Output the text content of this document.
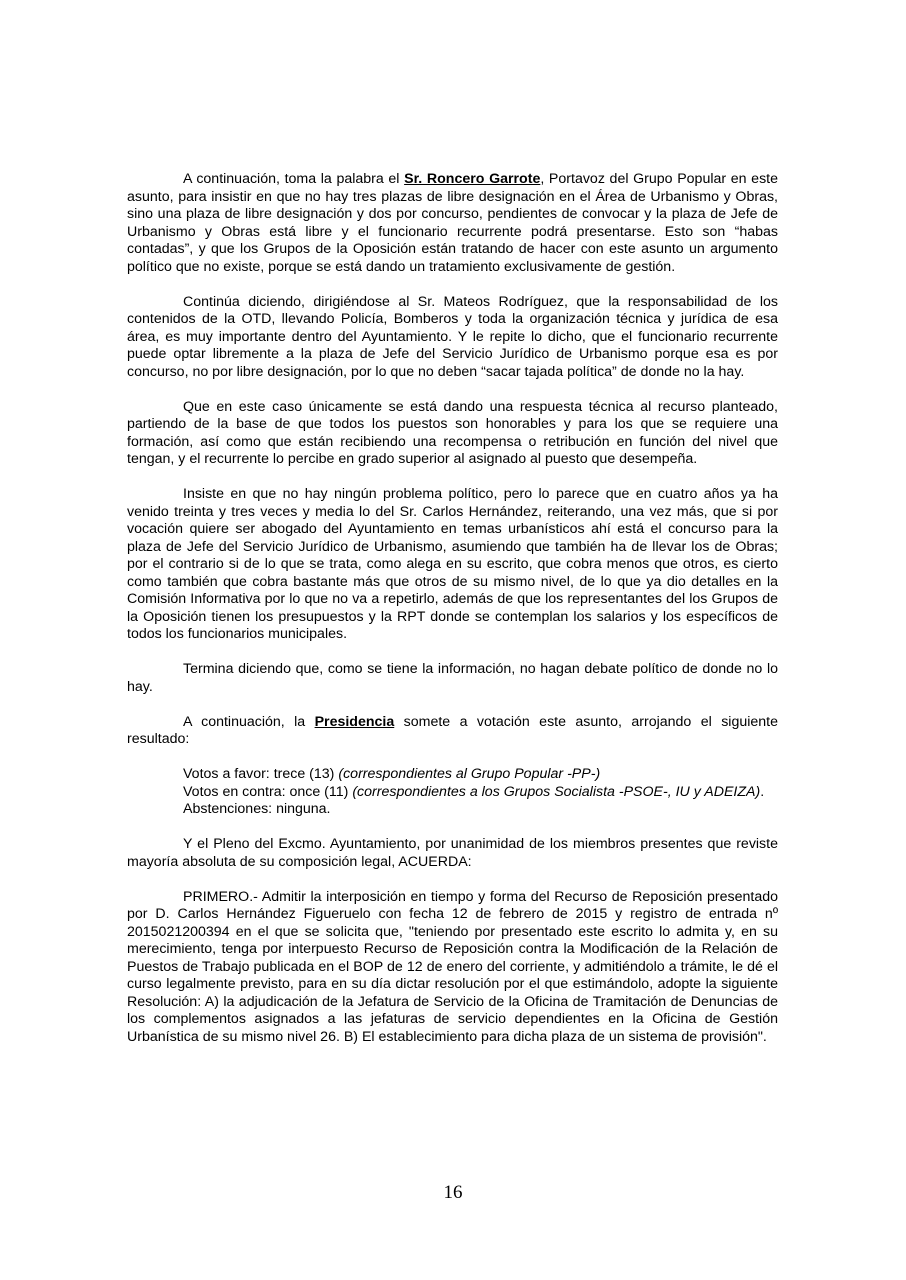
A continuación, toma la palabra el Sr. Roncero Garrote, Portavoz del Grupo Popular en este asunto, para insistir en que no hay tres plazas de libre designación en el Área de Urbanismo y Obras, sino una plaza de libre designación y dos por concurso, pendientes de convocar y la plaza de Jefe de Urbanismo y Obras está libre y el funcionario recurrente podrá presentarse. Esto son “habas contadas”, y que los Grupos de la Oposición están tratando de hacer con este asunto un argumento político que no existe, porque se está dando un tratamiento exclusivamente de gestión.

Continúa diciendo, dirigiéndose al Sr. Mateos Rodríguez, que la responsabilidad de los contenidos de la OTD, llevando Policía, Bomberos y toda la organización técnica y jurídica de esa área, es muy importante dentro del Ayuntamiento. Y le repite lo dicho, que el funcionario recurrente puede optar libremente a la plaza de Jefe del Servicio Jurídico de Urbanismo porque esa es por concurso, no por libre designación, por lo que no deben “sacar tajada política” de donde no la hay.

Que en este caso únicamente se está dando una respuesta técnica al recurso planteado, partiendo de la base de que todos los puestos son honorables y para los que se requiere una formación, así como que están recibiendo una recompensa o retribución en función del nivel que tengan, y el recurrente lo percibe en grado superior al asignado al puesto que desempeña.

Insiste en que no hay ningún problema político, pero lo parece que en cuatro años ya ha venido treinta y tres veces y media lo del Sr. Carlos Hernández, reiterando, una vez más, que si por vocación quiere ser abogado del Ayuntamiento en temas urbanísticos ahí está el concurso para la plaza de Jefe del Servicio Jurídico de Urbanismo, asumiendo que también ha de llevar los de Obras; por el contrario si de lo que se trata, como alega en su escrito, que cobra menos que otros, es cierto como también que cobra bastante más que otros de su mismo nivel, de lo que ya dio detalles en la Comisión Informativa por lo que no va a repetirlo, además de que los representantes del los Grupos de la Oposición tienen los presupuestos y la RPT donde se contemplan los salarios y los específicos de todos los funcionarios municipales.

Termina diciendo que, como se tiene la información, no hagan debate político de donde no lo hay.

A continuación, la Presidencia somete a votación este asunto, arrojando el siguiente resultado:

Votos a favor: trece (13) (correspondientes al Grupo Popular -PP-)
Votos en contra: once (11) (correspondientes a los Grupos Socialista -PSOE-, IU y ADEIZA).
Abstenciones: ninguna.

Y el Pleno del Excmo. Ayuntamiento, por unanimidad de los miembros presentes que reviste mayoría absoluta de su composición legal, ACUERDA:

PRIMERO.- Admitir la interposición en tiempo y forma del Recurso de Reposición presentado por D. Carlos Hernández Figueruelo con fecha 12 de febrero de 2015 y registro de entrada nº 2015021200394 en el que se solicita que, "teniendo por presentado este escrito lo admita y, en su merecimiento, tenga por interpuesto Recurso de Reposición contra la Modificación de la Relación de Puestos de Trabajo publicada en el BOP de 12 de enero del corriente, y admitiéndolo a trámite, le dé el curso legalmente previsto, para en su día dictar resolución por el que estimándolo, adopte la siguiente Resolución: A) la adjudicación de la Jefatura de Servicio de la Oficina de Tramitación de Denuncias de los complementos asignados a las jefaturas de servicio dependientes en la Oficina de Gestión Urbanística de su mismo nivel 26. B) El establecimiento para dicha plaza de un sistema de provisión".

16
